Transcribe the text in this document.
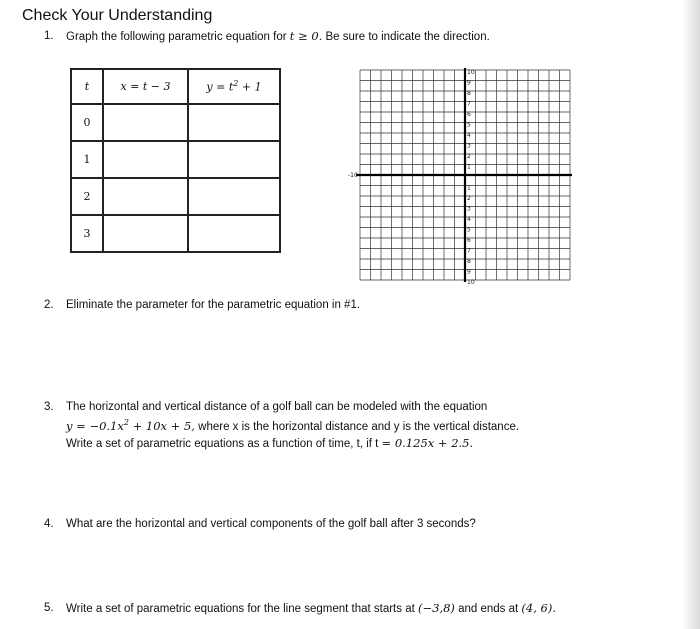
Check Your Understanding
1. Graph the following parametric equation for t ≥ 0. Be sure to indicate the direction.
t	x = t − 3	$y = t^2 + 1$
0		
1		
2		
3		
10
9
8
7
6
5
4
3
2
1
1
2
3
4
5
6
7
8
9
10
-10
2. Eliminate the parameter for the parametric equation in #1.
3. The horizontal and vertical distance of a golf ball can be modeled with the equation
$y = -0.1x^2 + 10x + 5$, where x is the horizontal distance and y is the vertical distance.
Write a set of parametric equations as a function of time, t, if t = 0.125x + 2.5.
4. What are the horizontal and vertical components of the golf ball after 3 seconds?
5. Write a set of parametric equations for the line segment that starts at (−3,8) and ends at (4, 6).
